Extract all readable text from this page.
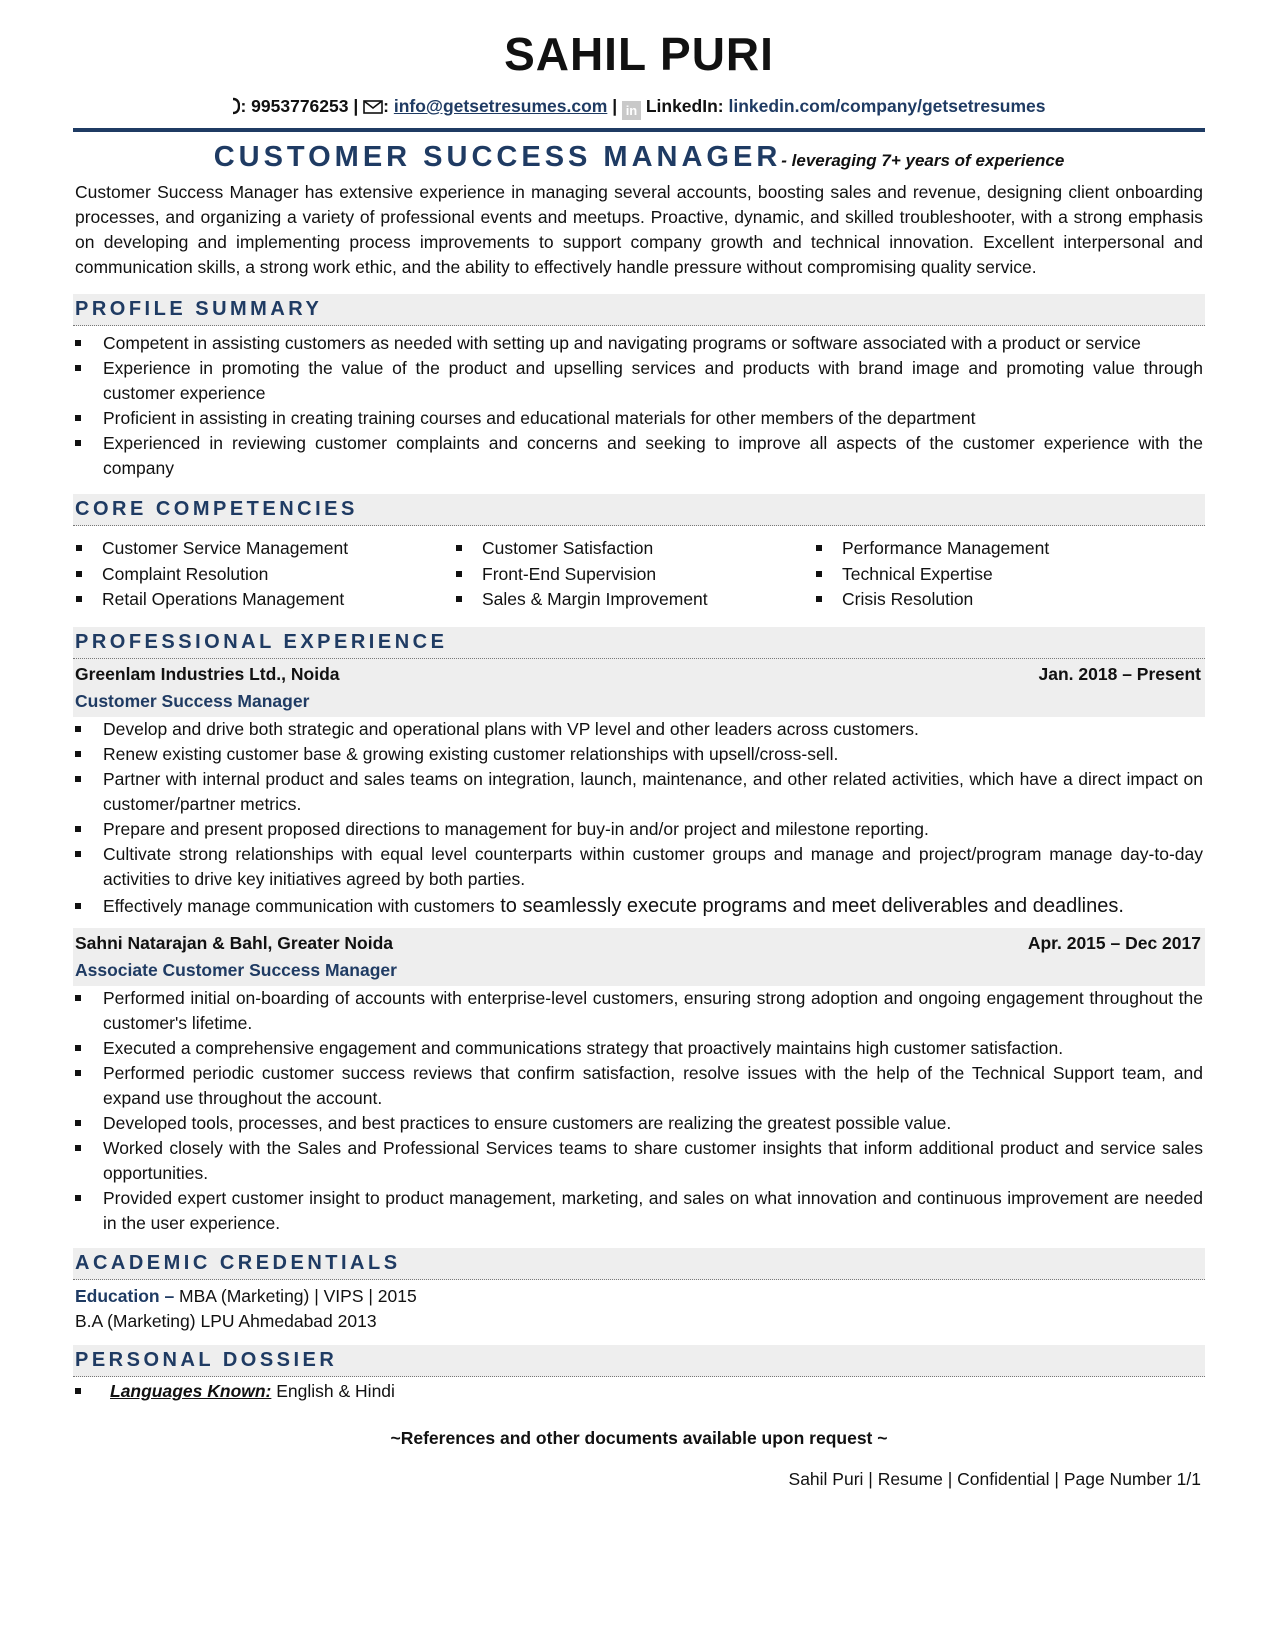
SAHIL PURI
: 9953776253 | : info@getsetresumes.com | in LinkedIn: linkedin.com/company/getsetresumes
CUSTOMER SUCCESS MANAGER- leveraging 7+ years of experience

Customer Success Manager has extensive experience in managing several accounts, boosting sales and revenue, designing client onboarding processes, and organizing a variety of professional events and meetups. Proactive, dynamic, and skilled troubleshooter, with a strong emphasis on developing and implementing process improvements to support company growth and technical innovation. Excellent interpersonal and communication skills, a strong work ethic, and the ability to effectively handle pressure without compromising quality service.

PROFILE SUMMARY
Competent in assisting customers as needed with setting up and navigating programs or software associated with a product or service
Experience in promoting the value of the product and upselling services and products with brand image and promoting value through customer experience
Proficient in assisting in creating training courses and educational materials for other members of the department
Experienced in reviewing customer complaints and concerns and seeking to improve all aspects of the customer experience with the company
CORE COMPETENCIES
Customer Service Management
Complaint Resolution
Retail Operations Management
Customer Satisfaction
Front-End Supervision
Sales & Margin Improvement
Performance Management
Technical Expertise
Crisis Resolution
PROFESSIONAL EXPERIENCE
Greenlam Industries Ltd., Noida	Jan. 2018 – Present
Customer Success Manager
Develop and drive both strategic and operational plans with VP level and other leaders across customers.
Renew existing customer base & growing existing customer relationships with upsell/cross-sell.
Partner with internal product and sales teams on integration, launch, maintenance, and other related activities, which have a direct impact on customer/partner metrics.
Prepare and present proposed directions to management for buy-in and/or project and milestone reporting.
Cultivate strong relationships with equal level counterparts within customer groups and manage and project/program manage day-to-day activities to drive key initiatives agreed by both parties.
Effectively manage communication with customers to seamlessly execute programs and meet deliverables and deadlines.
Sahni Natarajan & Bahl, Greater Noida	Apr. 2015 – Dec 2017
Associate Customer Success Manager
Performed initial on-boarding of accounts with enterprise-level customers, ensuring strong adoption and ongoing engagement throughout the customer's lifetime.
Executed a comprehensive engagement and communications strategy that proactively maintains high customer satisfaction.
Performed periodic customer success reviews that confirm satisfaction, resolve issues with the help of the Technical Support team, and expand use throughout the account.
Developed tools, processes, and best practices to ensure customers are realizing the greatest possible value.
Worked closely with the Sales and Professional Services teams to share customer insights that inform additional product and service sales opportunities.
Provided expert customer insight to product management, marketing, and sales on what innovation and continuous improvement are needed in the user experience.
ACADEMIC CREDENTIALS
Education – MBA (Marketing) | VIPS | 2015
B.A (Marketing) LPU Ahmedabad 2013
PERSONAL DOSSIER
Languages Known: English & Hindi
~References and other documents available upon request ~
Sahil Puri | Resume | Confidential | Page Number 1/1
